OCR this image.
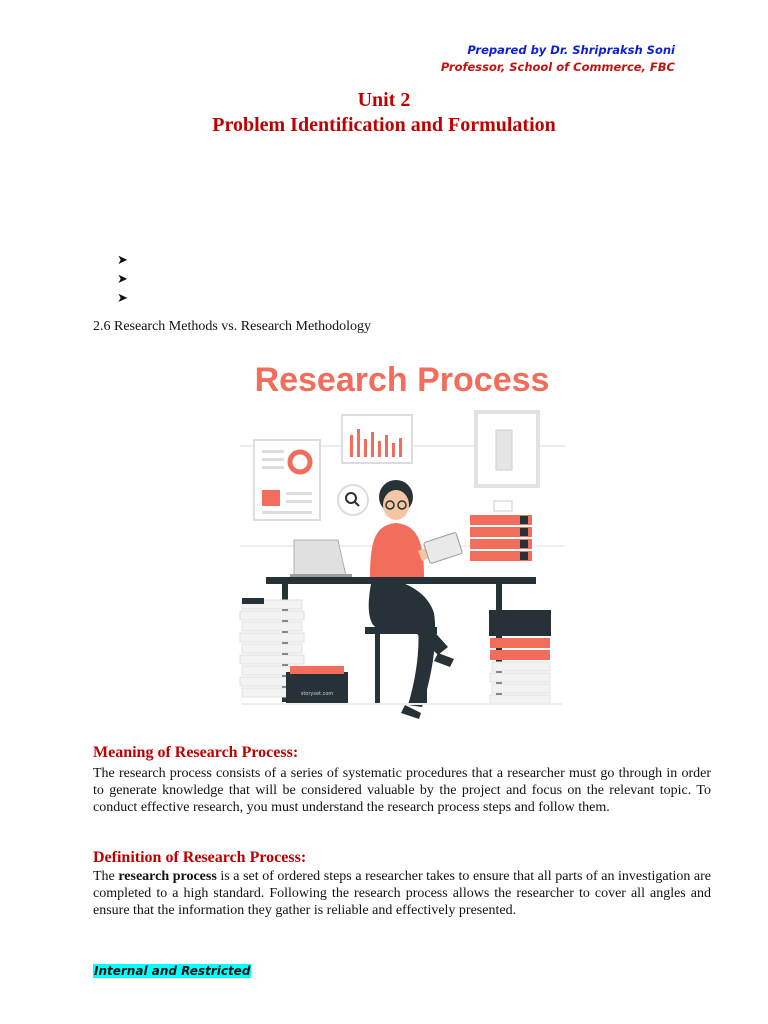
Prepared by Dr. Shripraksh Soni
Professor, School of Commerce, FBC
Unit 2
Problem Identification and Formulation
➤
➤
➤
2.6 Research Methods vs. Research Methodology
Research Process
storyset.com
Meaning of Research Process:

The research process consists of a series of systematic procedures that a researcher must go through in order to generate knowledge that will be considered valuable by the project and focus on the relevant topic. To conduct effective research, you must understand the research process steps and follow them.

Definition of Research Process:

The research process is a set of ordered steps a researcher takes to ensure that all parts of an investigation are completed to a high standard. Following the research process allows the researcher to cover all angles and ensure that the information they gather is reliable and effectively presented.

Internal and Restricted
